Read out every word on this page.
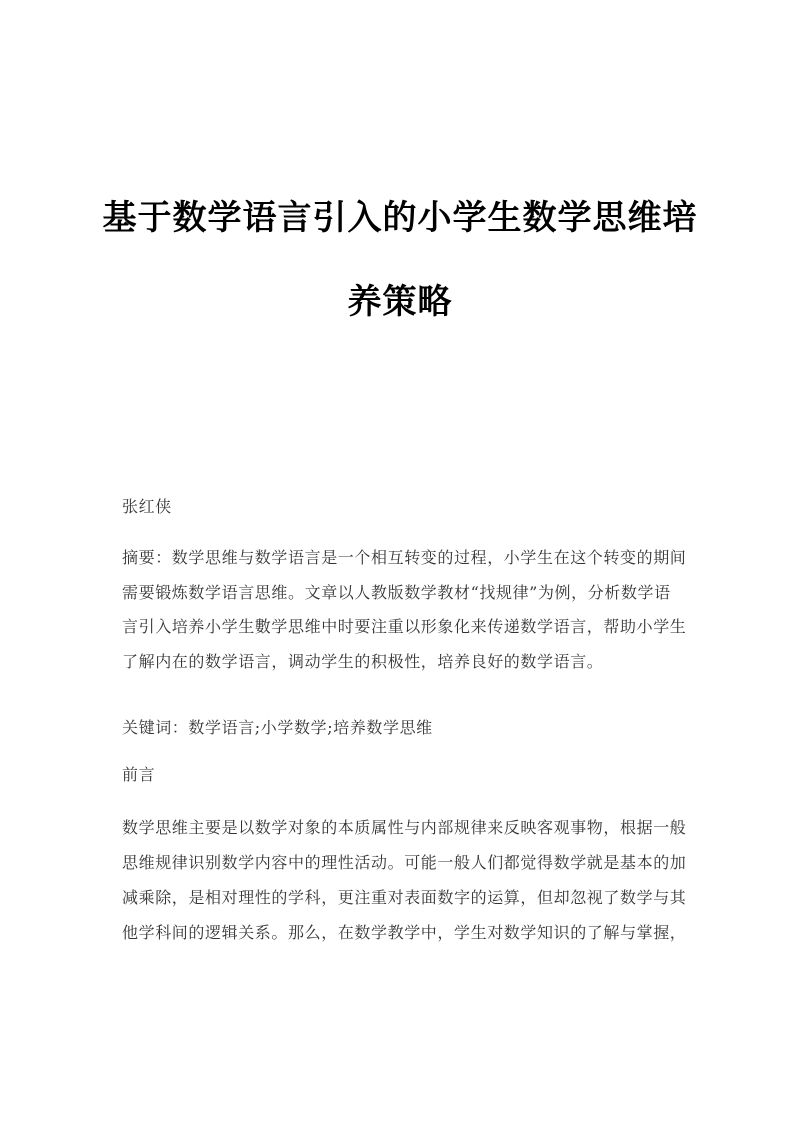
基于数学语言引入的小学生数学思维培
养策略
张红侠
摘要：数学思维与数学语言是一个相互转变的过程，小学生在这个转变的期间
需要锻炼数学语言思维。文章以人教版数学教材“找规律”为例，分析数学语
言引入培养小学生數学思维中时要注重以形象化来传递数学语言，帮助小学生
了解内在的数学语言，调动学生的积极性，培养良好的数学语言。
关键词：数学语言;小学数学;培养数学思维
前言
数学思维主要是以数学对象的本质属性与内部规律来反映客观事物，根据一般
思维规律识别数学内容中的理性活动。可能一般人们都觉得数学就是基本的加
减乘除，是相对理性的学科，更注重对表面数字的运算，但却忽视了数学与其
他学科间的逻辑关系。那么，在数学教学中，学生对数学知识的了解与掌握，
